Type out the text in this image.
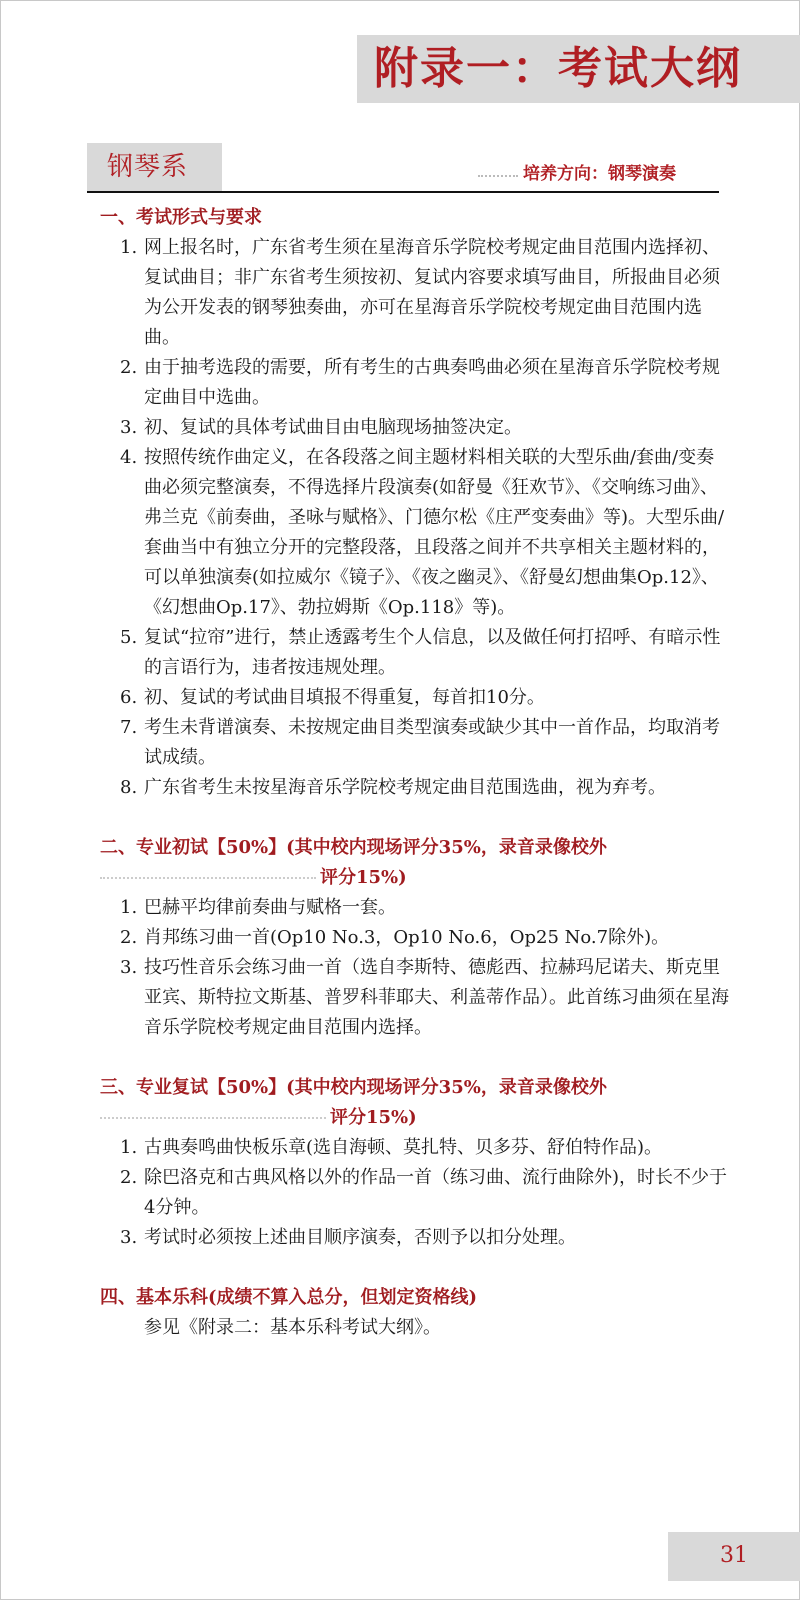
附录一：考试大纲
钢琴系	培养方向：钢琴演奏
一、考试形式与要求
1. 网上报名时，广东省考生须在星海音乐学院校考规定曲目范围内选择初、复试曲目；非广东省考生须按初、复试内容要求填写曲目，所报曲目必须为公开发表的钢琴独奏曲，亦可在星海音乐学院校考规定曲目范围内选曲。
2. 由于抽考选段的需要，所有考生的古典奏鸣曲必须在星海音乐学院校考规定曲目中选曲。
3. 初、复试的具体考试曲目由电脑现场抽签决定。
4. 按照传统作曲定义，在各段落之间主题材料相关联的大型乐曲/套曲/变奏曲必须完整演奏，不得选择片段演奏(如舒曼《狂欢节》、《交响练习曲》、弗兰克《前奏曲，圣咏与赋格》、门德尔松《庄严变奏曲》等)。大型乐曲/套曲当中有独立分开的完整段落，且段落之间并不共享相关主题材料的，可以单独演奏(如拉威尔《镜子》、《夜之幽灵》、《舒曼幻想曲集Op.12》、《幻想曲Op.17》、勃拉姆斯《Op.118》等)。
5. 复试“拉帘”进行，禁止透露考生个人信息，以及做任何打招呼、有暗示性的言语行为，违者按违规处理。
6. 初、复试的考试曲目填报不得重复，每首扣10分。
7. 考生未背谱演奏、未按规定曲目类型演奏或缺少其中一首作品，均取消考试成绩。
8. 广东省考生未按星海音乐学院校考规定曲目范围选曲，视为弃考。
二、专业初试【50%】(其中校内现场评分35%，录音录像校外
评分15%)
1. 巴赫平均律前奏曲与赋格一套。
2. 肖邦练习曲一首(Op10 No.3，Op10 No.6，Op25 No.7除外)。
3. 技巧性音乐会练习曲一首（选自李斯特、德彪西、拉赫玛尼诺夫、斯克里亚宾、斯特拉文斯基、普罗科菲耶夫、利盖蒂作品）。此首练习曲须在星海音乐学院校考规定曲目范围内选择。
三、专业复试【50%】(其中校内现场评分35%，录音录像校外
评分15%)
1. 古典奏鸣曲快板乐章(选自海顿、莫扎特、贝多芬、舒伯特作品)。
2. 除巴洛克和古典风格以外的作品一首（练习曲、流行曲除外)，时长不少于4分钟。
3. 考试时必须按上述曲目顺序演奏，否则予以扣分处理。
四、基本乐科(成绩不算入总分，但划定资格线)
参见《附录二：基本乐科考试大纲》。
31
